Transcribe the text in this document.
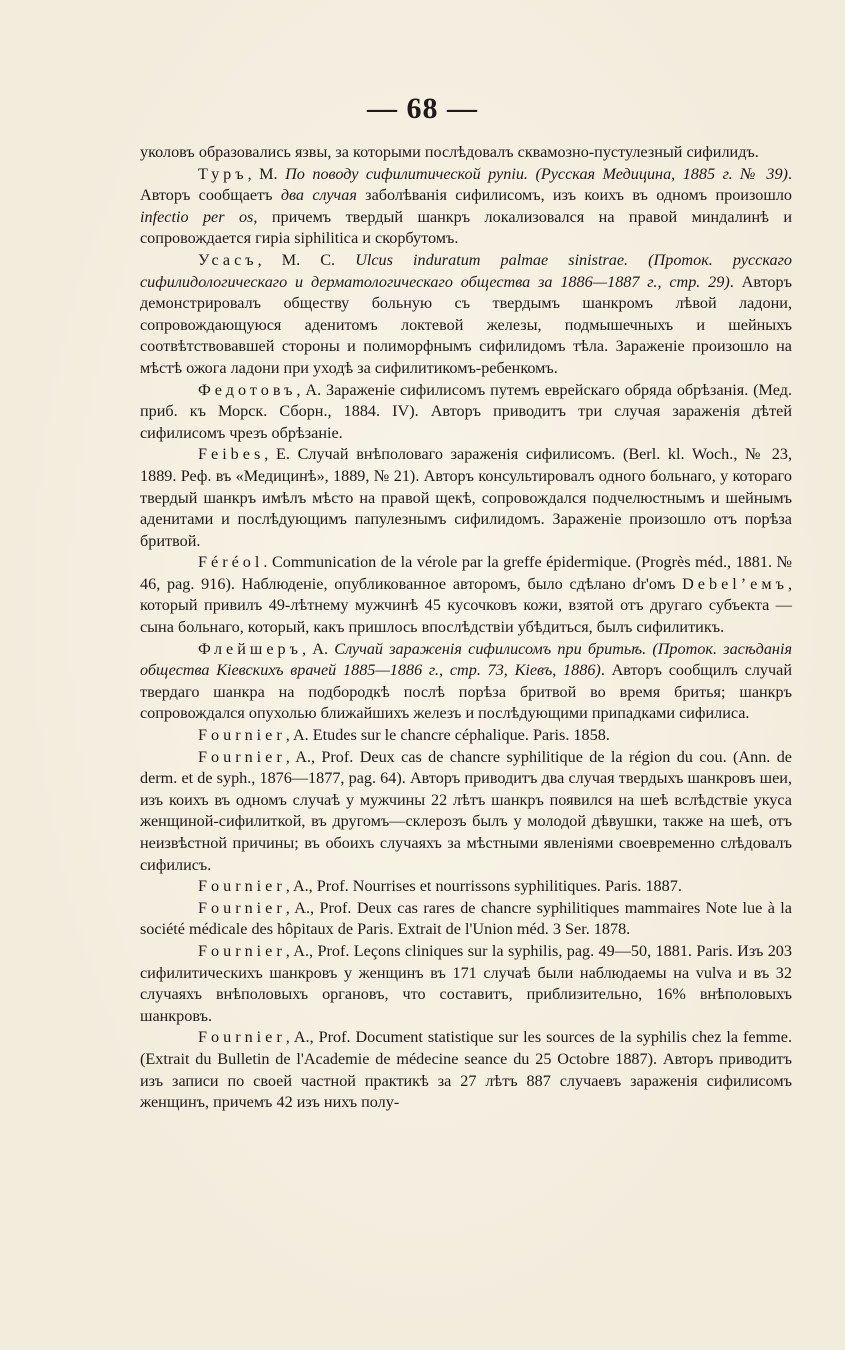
— 68 —

уколовъ образовались язвы, за которыми послѣдовалъ сквамозно-пустулезный сифилидъ.

Туръ, М. По поводу сифилитической рупіи. (Русская Медицина, 1885 г. № 39). Авторъ сообщаетъ два случая заболѣванія сифилисомъ, изъ коихъ въ одномъ произошло infectio per os, причемъ твердый шанкръ локализовался на правой миндалинѣ и сопровождается гиріа ѕірһіlіtіса и скорбутомъ.

Усасъ, М. С. Ulcus induratum palmae sinistrae. (Проток. русскаго сифилидологическаго и дерматологическаго общества за 1886—1887 г., стр. 29). Авторъ демонстрировалъ обществу больную съ твердымъ шанкромъ лѣвой ладони, сопровождающуюся аденитомъ локтевой железы, подмышечныхъ и шейныхъ соотвѣтствовавшей стороны и полиморфнымъ сифилидомъ тѣла. Зараженіе произошло на мѣстѣ ожога ладони при уходѣ за сифилитикомъ-ребенкомъ.

Федотовъ, А. Зараженіе сифилисомъ путемъ еврейскаго обряда обрѣзанія. (Мед. приб. къ Морск. Сборн., 1884. IV). Авторъ приводитъ три случая зараженія дѣтей сифилисомъ чрезъ обрѣзаніе.

Feibes, E. Случай внѣполоваго зараженія сифилисомъ. (Berl. kl. Woch., № 23, 1889. Реф. въ «Медицинѣ», 1889, № 21). Авторъ консультировалъ одного больнаго, у котораго твердый шанкръ имѣлъ мѣсто на правой щекѣ, сопровождался подчелюстнымъ и шейнымъ аденитами и послѣдующимъ папулезнымъ сифилидомъ. Зараженіе произошло отъ порѣза бритвой.

Féréol. Communication de la vérole par la greffe épidermique. (Progrès méd., 1881. № 46, pag. 916). Наблюденіе, опубликованное авторомъ, было сдѣлано dr'омъ Debelʼемъ, который привилъ 49-лѣтнему мужчинѣ 45 кусочковъ кожи, взятой отъ другаго субъекта — сына больнаго, который, какъ пришлось впослѣдствіи убѣдиться, былъ сифилитикъ.

Флейшеръ, А. Случай зараженія сифилисомъ при бритьѣ. (Проток. засѣданія общества Кіевскихъ врачей 1885—1886 г., стр. 73, Кіевъ, 1886). Авторъ сообщилъ случай твердаго шанкра на подбородкѣ послѣ порѣза бритвой во время бритья; шанкръ сопровождался опухолью ближайшихъ железъ и послѣдующими припадками сифилиса.

Fournier, A. Etudes sur le chancre céphalique. Paris. 1858.

Fournier, A., Prof. Deux cas de chancre syphilitique de la région du cou. (Ann. de derm. et de syph., 1876—1877, pag. 64). Авторъ приводитъ два случая твердыхъ шанкровъ шеи, изъ коихъ въ одномъ случаѣ у мужчины 22 лѣтъ шанкръ появился на шеѣ вслѣдствіе укуса женщиной-сифилиткой, въ другомъ—склерозъ былъ у молодой дѣвушки, также на шеѣ, отъ неизвѣстной причины; въ обоихъ случаяхъ за мѣстными явленіями своевременно слѣдовалъ сифилисъ.

Fournier, A., Prof. Nourrises et nourrissons syphilitiques. Paris. 1887.

Fournier, A., Prof. Deux cas rares de chancre syphilitiques mammaires Note lue à la société médicale des hôpitaux de Paris. Extrait de l'Union méd. 3 Ser. 1878.

Fournier, A., Prof. Leçons cliniques sur la syphilis, pag. 49—50, 1881. Paris. Изъ 203 сифилитическихъ шанкровъ у женщинъ въ 171 случаѣ были наблюдаемы на vulva и въ 32 случаяхъ внѣполовыхъ органовъ, что составитъ, приблизительно, 16% внѣполовыхъ шанкровъ.

Fournier, A., Prof. Document statistique sur les sources de la syphilis chez la femme. (Extrait du Bulletin de l'Academie de médecine seance du 25 Octobre 1887). Авторъ приводитъ изъ записи по своей частной практикѣ за 27 лѣтъ 887 случаевъ зараженія сифилисомъ женщинъ, причемъ 42 изъ нихъ полу-
